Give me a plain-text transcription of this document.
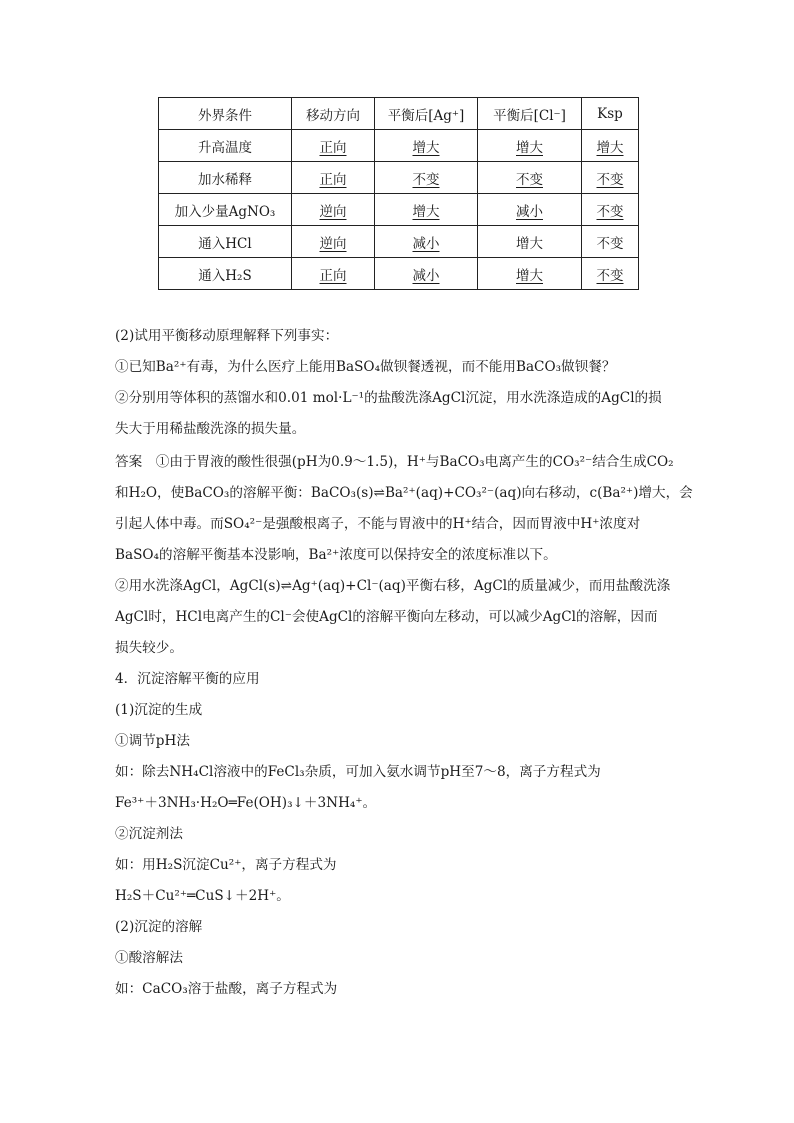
外界条件	移动方向	平衡后[Ag⁺]	平衡后[Cl⁻]	Ksp
升高温度	正向	增大	增大	增大
加水稀释	正向	不变	不变	不变
加入少量AgNO₃	逆向	增大	减小	不变
通入HCl	逆向	减小	增大	不变
通入H₂S	正向	减小	增大	不变
(2)试用平衡移动原理解释下列事实：
①已知Ba²⁺有毒，为什么医疗上能用BaSO₄做钡餐透视，而不能用BaCO₃做钡餐？
②分别用等体积的蒸馏水和0.01 mol·L⁻¹的盐酸洗涤AgCl沉淀，用水洗涤造成的AgCl的损
失大于用稀盐酸洗涤的损失量。
答案　①由于胃液的酸性很强(pH为0.9～1.5)，H⁺与BaCO₃电离产生的CO₃²⁻结合生成CO₂
和H₂O，使BaCO₃的溶解平衡：BaCO₃(s)⇌Ba²⁺(aq)+CO₃²⁻(aq)向右移动，c(Ba²⁺)增大，会
引起人体中毒。而SO₄²⁻是强酸根离子，不能与胃液中的H⁺结合，因而胃液中H⁺浓度对
BaSO₄的溶解平衡基本没影响，Ba²⁺浓度可以保持安全的浓度标准以下。
②用水洗涤AgCl，AgCl(s)⇌Ag⁺(aq)+Cl⁻(aq)平衡右移，AgCl的质量减少，而用盐酸洗涤
AgCl时，HCl电离产生的Cl⁻会使AgCl的溶解平衡向左移动，可以减少AgCl的溶解，因而
损失较少。
4．沉淀溶解平衡的应用
(1)沉淀的生成
①调节pH法
如：除去NH₄Cl溶液中的FeCl₃杂质，可加入氨水调节pH至7～8，离子方程式为
Fe³⁺＋3NH₃·H₂O═Fe(OH)₃↓＋3NH₄⁺。
②沉淀剂法
如：用H₂S沉淀Cu²⁺，离子方程式为
H₂S＋Cu²⁺═CuS↓＋2H⁺。
(2)沉淀的溶解
①酸溶解法
如：CaCO₃溶于盐酸，离子方程式为
